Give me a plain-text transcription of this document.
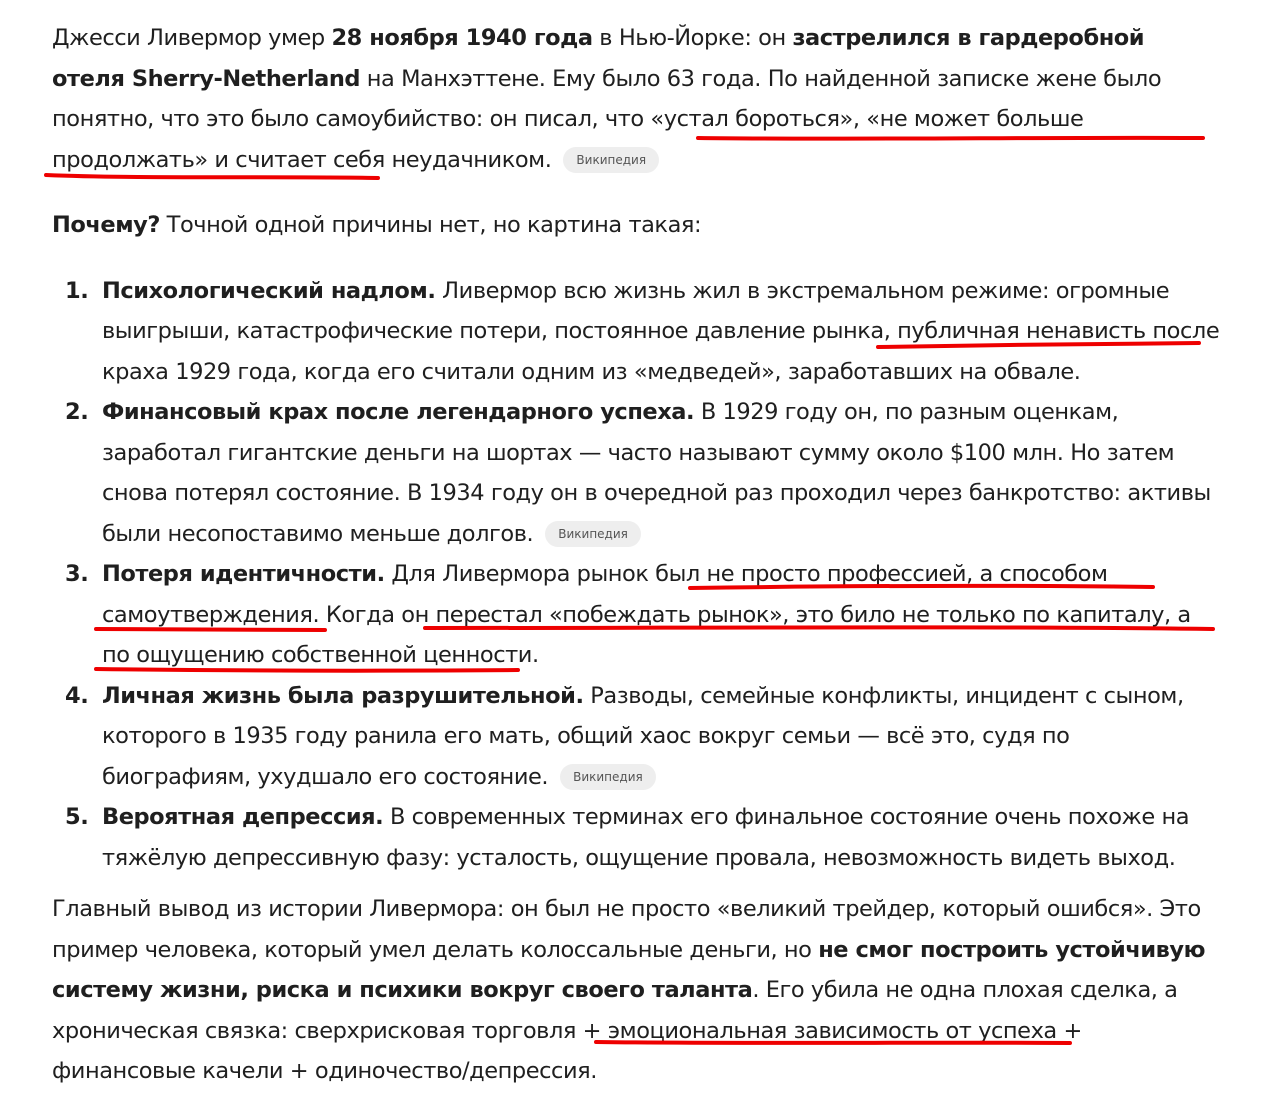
Джесси Ливермор умер 28 ноября 1940 года в Нью-Йорке: он застрелился в гардеробной отеля Sherry-Netherland на Манхэттене. Ему было 63 года. По найденной записке жене было понятно, что это было самоубийство: он писал, что «устал бороться», «не может больше продолжать» и считает себя неудачником. Википедия

Почему? Точной одной причины нет, но картина такая:

1. Психологический надлом. Ливермор всю жизнь жил в экстремальном режиме: огромные выигрыши, катастрофические потери, постоянное давление рынка, публичная ненависть после краха 1929 года, когда его считали одним из «медведей», заработавших на обвале.
2. Финансовый крах после легендарного успеха. В 1929 году он, по разным оценкам, заработал гигантские деньги на шортах — часто называют сумму около $100 млн. Но затем снова потерял состояние. В 1934 году он в очередной раз проходил через банкротство: активы были несопоставимо меньше долгов. Википедия
3. Потеря идентичности. Для Ливермора рынок был не просто профессией, а способом самоутверждения. Когда он перестал «побеждать рынок», это било не только по капиталу, а по ощущению собственной ценности.
4. Личная жизнь была разрушительной. Разводы, семейные конфликты, инцидент с сыном, которого в 1935 году ранила его мать, общий хаос вокруг семьи — всё это, судя по биографиям, ухудшало его состояние. Википедия
5. Вероятная депрессия. В современных терминах его финальное состояние очень похоже на тяжёлую депрессивную фазу: усталость, ощущение провала, невозможность видеть выход.

Главный вывод из истории Ливермора: он был не просто «великий трейдер, который ошибся». Это пример человека, который умел делать колоссальные деньги, но не смог построить устойчивую систему жизни, риска и психики вокруг своего таланта. Его убила не одна плохая сделка, а хроническая связка: сверхрисковая торговля + эмоциональная зависимость от успеха + финансовые качели + одиночество/депрессия.
